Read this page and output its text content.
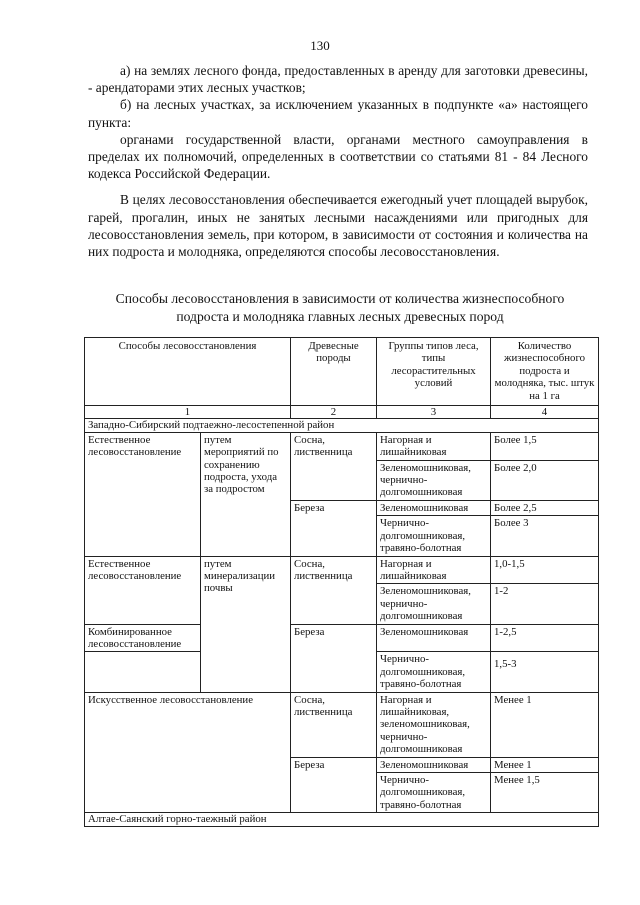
130

а) на землях лесного фонда, предоставленных в аренду для заготовки древесины, - арендаторами этих лесных участков;

б) на лесных участках, за исключением указанных в подпункте «а» настоящего пункта:

органами государственной власти, органами местного самоуправления в пределах их полномочий, определенных в соответствии со статьями 81 - 84 Лесного кодекса Российской Федерации.

В целях лесовосстановления обеспечивается ежегодный учет площадей вырубок, гарей, прогалин, иных не занятых лесными насаждениями или пригодных для лесовосстановления земель, при котором, в зависимости от состояния и количества на них подроста и молодняка, определяются способы лесовосстановления.

Способы лесовосстановления в зависимости от количества жизнеспособного
подроста и молодняка главных лесных древесных пород
Способы лесовосстановления		Древесные породы	Группы типов леса, типы лесорастительных условий	Количество жизнеспособного подроста и молодняка, тыс. штук на 1 га
1		2	3	4
Западно-Сибирский подтаежно-лесостепенной район				
Естественное лесовосстановление	путем мероприятий по сохранению подроста, ухода за подростом	Сосна, лиственница	Нагорная и лишайниковая	Более 1,5
			Зеленомошниковая, чернично-долгомошниковая	Более 2,0
		Береза	Зеленомошниковая	Более 2,5
			Чернично-долгомошниковая, травяно-болотная	Более 3
Естественное лесовосстановление	путем минерализации почвы	Сосна, лиственница	Нагорная и лишайниковая	1,0-1,5
			Зеленомошниковая, чернично-долгомошниковая	1-2
Комбинированное лесовосстановление		Береза	Зеленомошниковая	1-2,5
			Чернично-долгомошниковая, травяно-болотная	1,5-3
Искусственное лесовосстановление		Сосна, лиственница	Нагорная и лишайниковая, зеленомошниковая, чернично-долгомошниковая	Менее 1
		Береза	Зеленомошниковая	Менее 1
			Чернично-долгомошниковая, травяно-болотная	Менее 1,5
Алтае-Саянский горно-таежный район				
